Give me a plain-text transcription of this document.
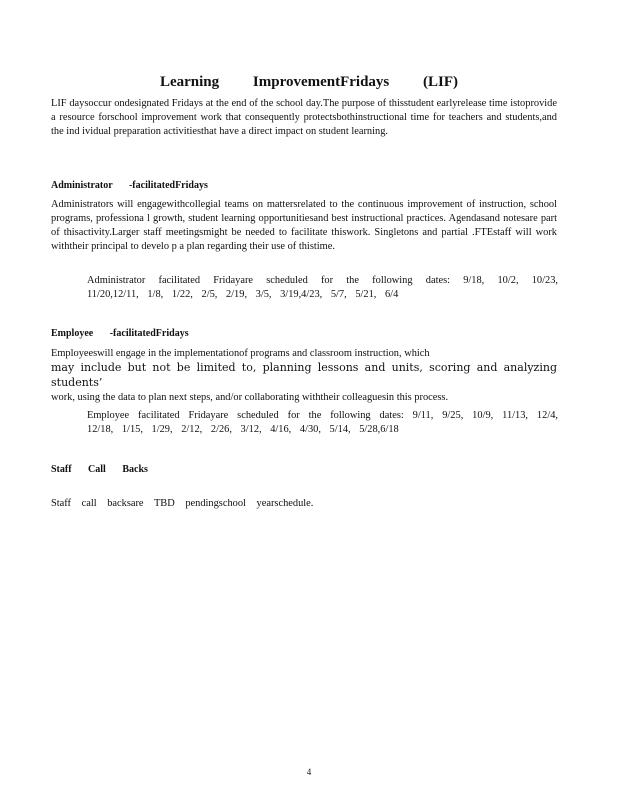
Learning ImprovementFridays (LIF)
LIF daysoccur ondesignated Fridays at the end of the school day.The purpose of thisstudent earlyrelease time istoprovide a resource forschool improvement work that consequently protectsbothinstructional time for teachers and students,and the ind ividual preparation activitiesthat have a direct impact on student learning.
Administrator -facilitatedFridays
Administrators will engagewithcollegial teams on mattersrelated to the continuous improvement of instruction, school programs, professiona l growth, student learning opportunitiesand best instructional practices. Agendasand notesare part of thisactivity.Larger staff meetingsmight be needed to facilitate thiswork. Singletons and partial .FTEstaff will work withtheir principal to develo p a plan regarding their use of thistime.
Administrator facilitated Fridayare scheduled for the following dates: 9/18, 10/2, 10/23, 11/20,12/11, 1/8, 1/22, 2/5, 2/19, 3/5, 3/19,4/23, 5/7, 5/21, 6/4
Employee -facilitatedFridays
Employeeswill engage in the implementationof programs and classroom instruction, which
may include but not be limited to, planning lessons and units, scoring and analyzing students’
work, using the data to plan next steps, and/or collaborating withtheir colleaguesin this process.
Employee facilitated Fridayare scheduled for the following dates: 9/11, 9/25, 10/9, 11/13, 12/4, 12/18, 1/15, 1/29, 2/12, 2/26, 3/12, 4/16, 4/30, 5/14, 5/28,6/18
Staff Call Backs
Staff call backsare TBD pendingschool yearschedule.
4
